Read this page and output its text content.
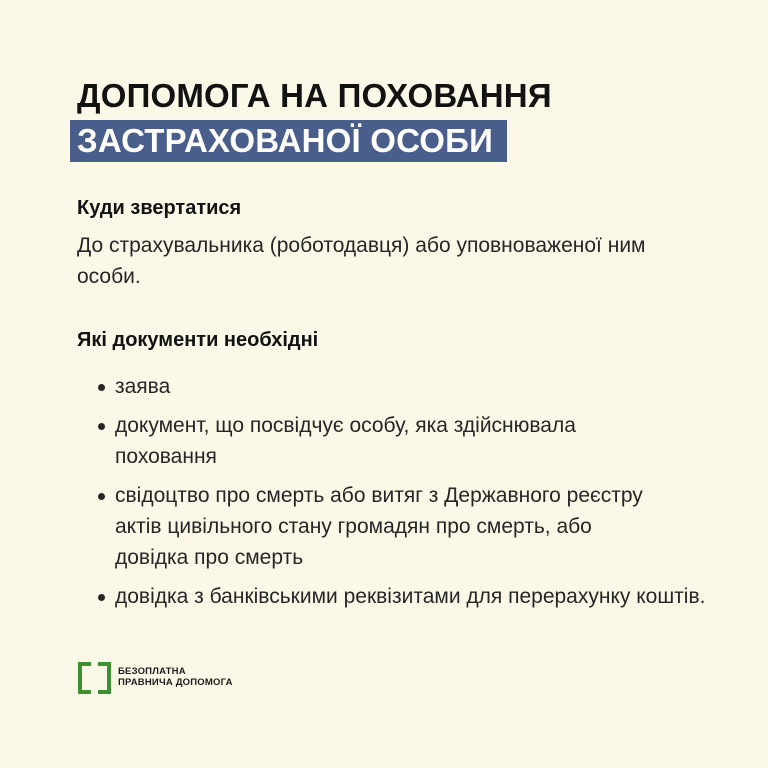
ДОПОМОГА НА ПОХОВАННЯ
ЗАСТРАХОВАНОЇ ОСОБИ
Куди звертатися
До страхувальника (роботодавця) або уповноваженої ним особи.
Які документи необхідні
заява
документ, що посвідчує особу, яка здійснювала поховання
свідоцтво про смерть або витяг з Державного реєстру актів цивільного стану громадян про смерть, або довідка про смерть
довідка з банківськими реквізитами для перерахунку коштів.
БЕЗОПЛАТНА
ПРАВНИЧА ДОПОМОГА
